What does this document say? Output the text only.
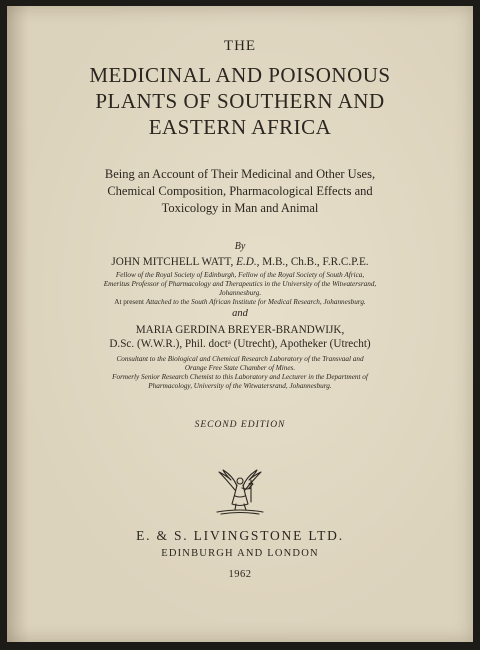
THE
MEDICINAL AND POISONOUS
PLANTS OF SOUTHERN AND
EASTERN AFRICA
Being an Account of Their Medicinal and Other Uses,
Chemical Composition, Pharmacological Effects and
Toxicology in Man and Animal
By
JOHN MITCHELL WATT, E.D., M.B., Ch.B., F.R.C.P.E.
Fellow of the Royal Society of Edinburgh, Fellow of the Royal Society of South Africa,
Emeritus Professor of Pharmacology and Therapeutics in the University of the Witwatersrand,
Johannesburg.
At present Attached to the South African Institute for Medical Research, Johannesburg.
and
MARIA GERDINA BREYER-BRANDWIJK,
D.Sc. (W.W.R.), Phil. doctᵃ (Utrecht), Apotheker (Utrecht)
Consultant to the Biological and Chemical Research Laboratory of the Transvaal and
Orange Free State Chamber of Mines.
Formerly Senior Research Chemist to this Laboratory and Lecturer in the Department of
Pharmacology, University of the Witwatersrand, Johannesburg.
SECOND EDITION
E. & S. LIVINGSTONE LTD.
EDINBURGH AND LONDON
1962
